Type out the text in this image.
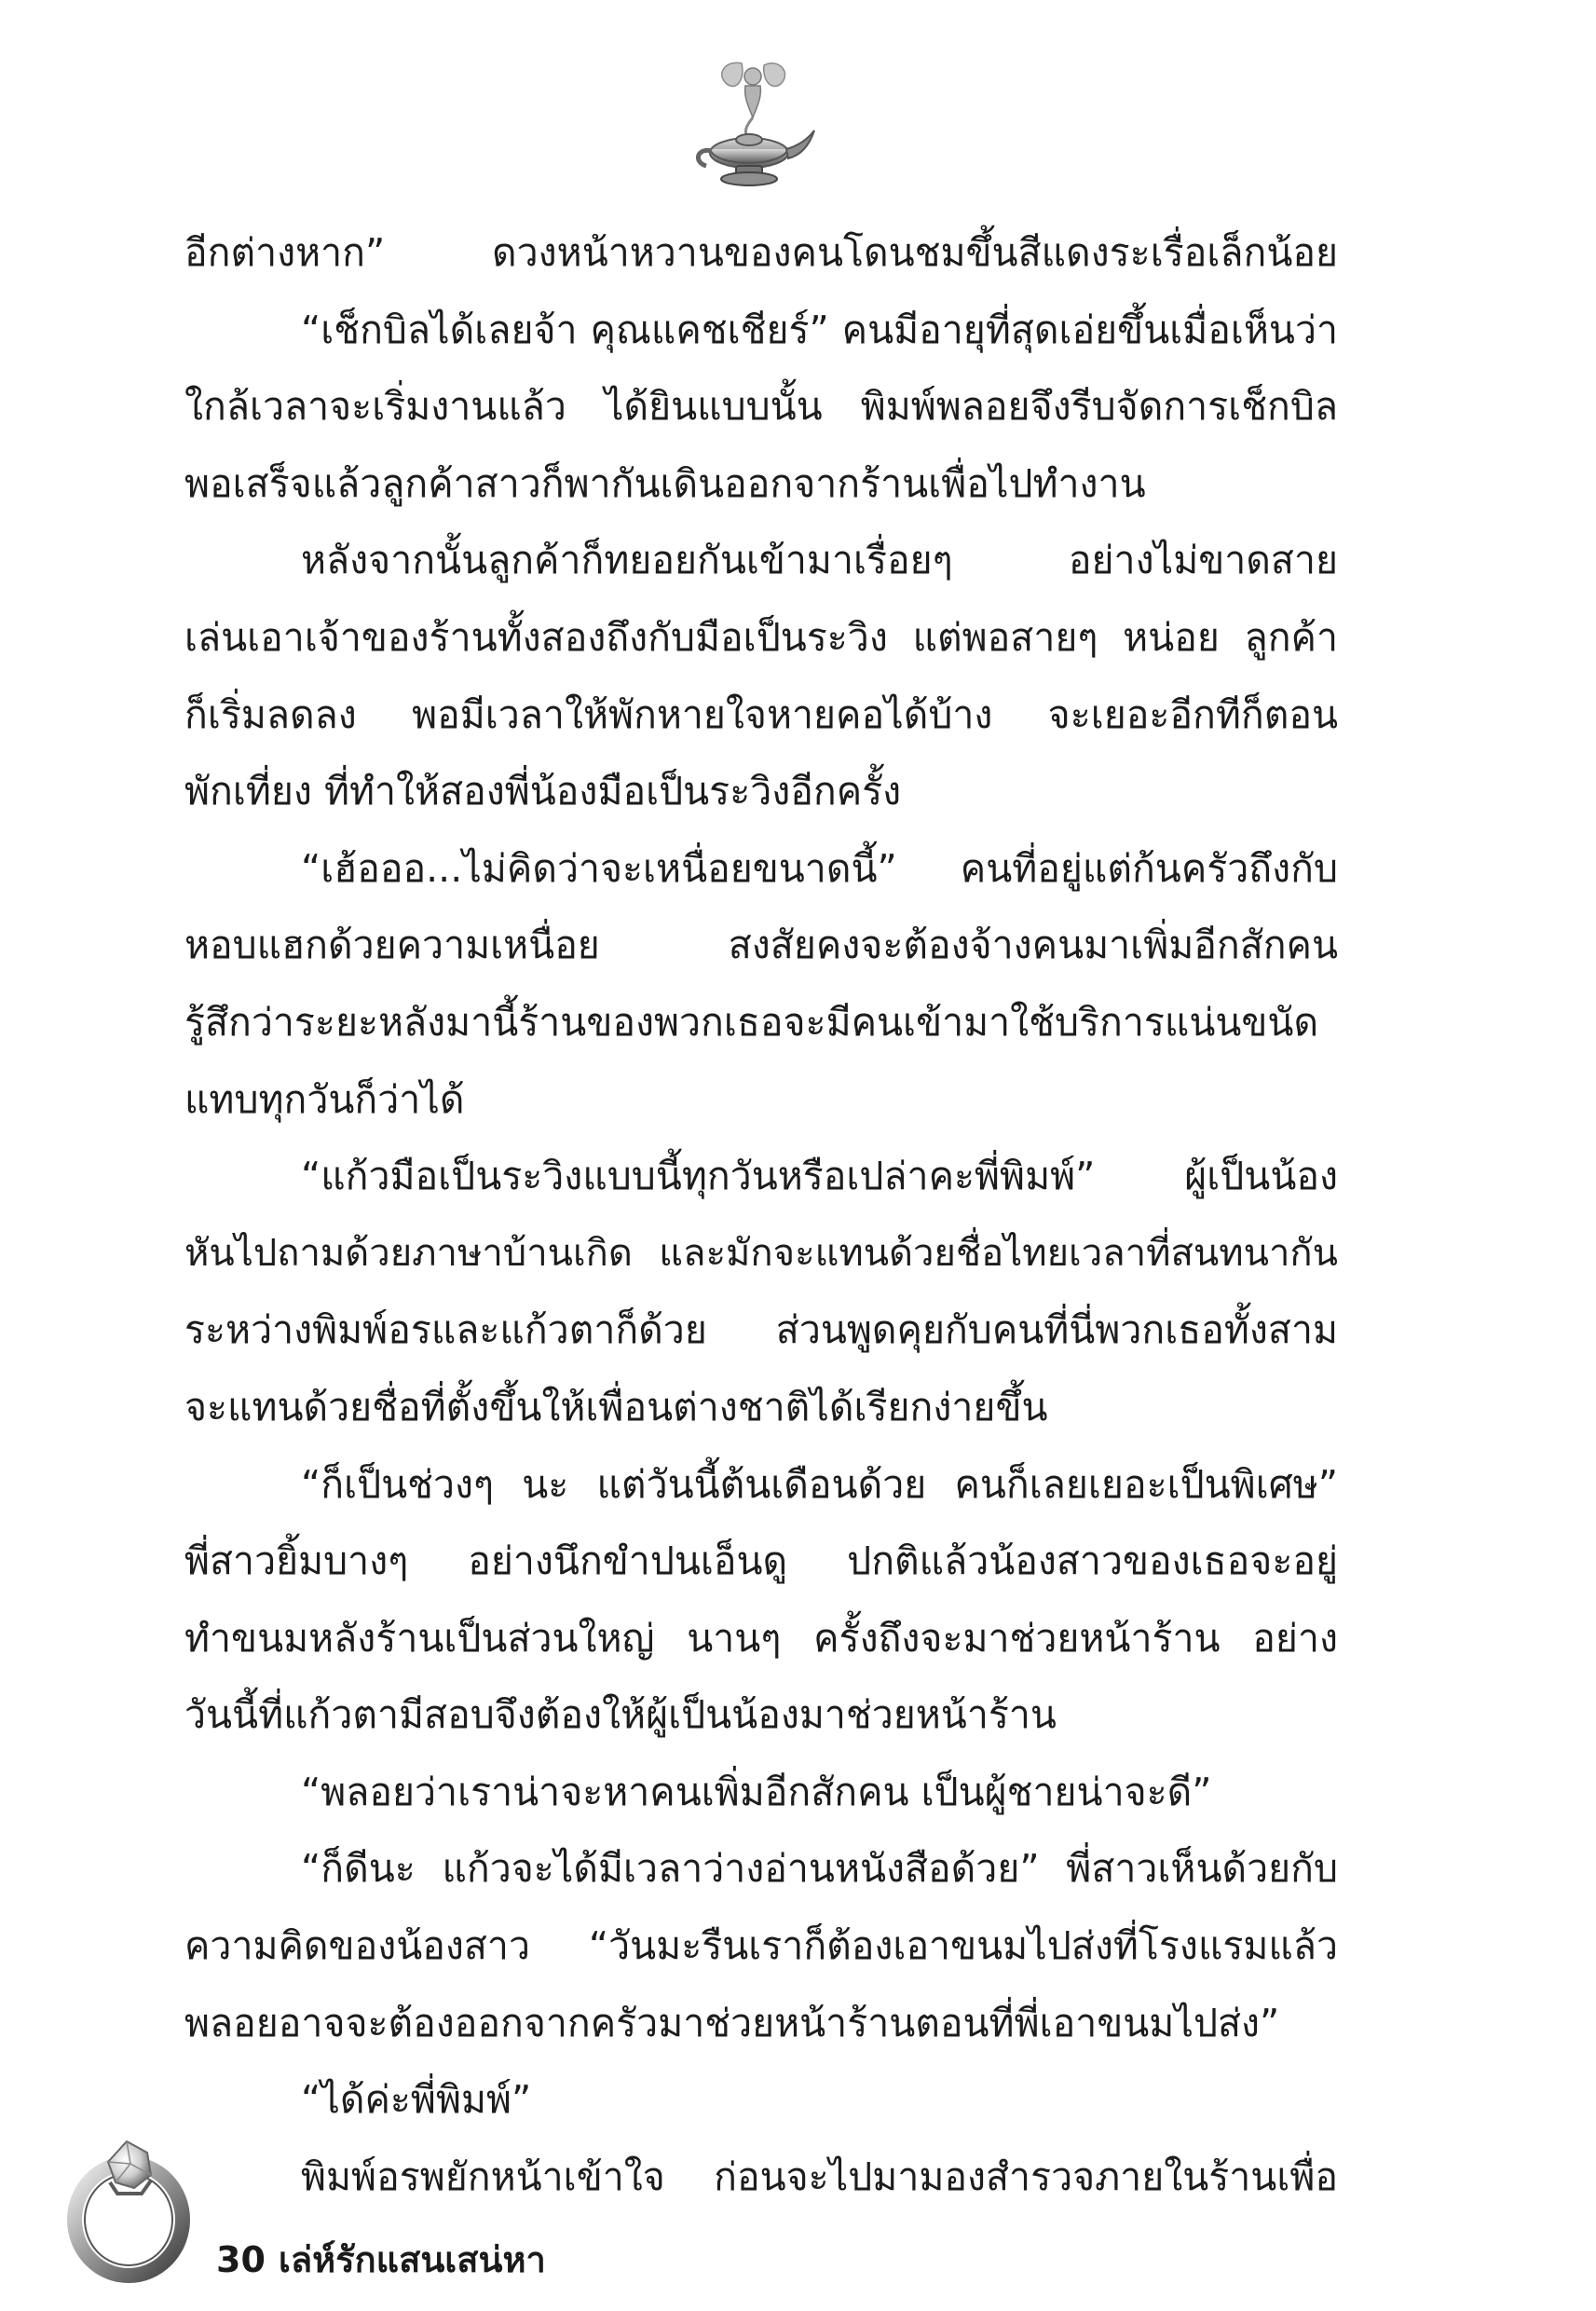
อีกต่างหาก” ดวงหน้าหวานของคนโดนชมขึ้นสีแดงระเรื่อเล็กน้อย
“เช็กบิลได้เลยจ้า คุณแคชเชียร์” คนมีอายุที่สุดเอ่ยขึ้นเมื่อเห็นว่า
ใกล้เวลาจะเริ่มงานแล้ว ได้ยินแบบนั้น พิมพ์พลอยจึงรีบจัดการเช็กบิล
พอเสร็จแล้วลูกค้าสาวก็พากันเดินออกจากร้านเพื่อไปทำงาน
หลังจากนั้นลูกค้าก็ทยอยกันเข้ามาเรื่อยๆ อย่างไม่ขาดสาย
เล่นเอาเจ้าของร้านทั้งสองถึงกับมือเป็นระวิง แต่พอสายๆ หน่อย ลูกค้า
ก็เริ่มลดลง พอมีเวลาให้พักหายใจหายคอได้บ้าง จะเยอะอีกทีก็ตอน
พักเที่ยง ที่ทำให้สองพี่น้องมือเป็นระวิงอีกครั้ง
“เฮ้อออ...ไม่คิดว่าจะเหนื่อยขนาดนี้” คนที่อยู่แต่ก้นครัวถึงกับ
หอบแฮกด้วยความเหนื่อย สงสัยคงจะต้องจ้างคนมาเพิ่มอีกสักคน
รู้สึกว่าระยะหลังมานี้ร้านของพวกเธอจะมีคนเข้ามาใช้บริการแน่นขนัด
แทบทุกวันก็ว่าได้
“แก้วมือเป็นระวิงแบบนี้ทุกวันหรือเปล่าคะพี่พิมพ์” ผู้เป็นน้อง
หันไปถามด้วยภาษาบ้านเกิด และมักจะแทนด้วยชื่อไทยเวลาที่สนทนากัน
ระหว่างพิมพ์อรและแก้วตาก็ด้วย ส่วนพูดคุยกับคนที่นี่พวกเธอทั้งสาม
จะแทนด้วยชื่อที่ตั้งขึ้นให้เพื่อนต่างชาติได้เรียกง่ายขึ้น
“ก็เป็นช่วงๆ นะ แต่วันนี้ต้นเดือนด้วย คนก็เลยเยอะเป็นพิเศษ”
พี่สาวยิ้มบางๆ อย่างนึกขำปนเอ็นดู ปกติแล้วน้องสาวของเธอจะอยู่
ทำขนมหลังร้านเป็นส่วนใหญ่ นานๆ ครั้งถึงจะมาช่วยหน้าร้าน อย่าง
วันนี้ที่แก้วตามีสอบจึงต้องให้ผู้เป็นน้องมาช่วยหน้าร้าน
“พลอยว่าเราน่าจะหาคนเพิ่มอีกสักคน เป็นผู้ชายน่าจะดี”
“ก็ดีนะ แก้วจะได้มีเวลาว่างอ่านหนังสือด้วย” พี่สาวเห็นด้วยกับ
ความคิดของน้องสาว “วันมะรืนเราก็ต้องเอาขนมไปส่งที่โรงแรมแล้ว
พลอยอาจจะต้องออกจากครัวมาช่วยหน้าร้านตอนที่พี่เอาขนมไปส่ง”
“ได้ค่ะพี่พิมพ์”
พิมพ์อรพยักหน้าเข้าใจ ก่อนจะไปมามองสำรวจภายในร้านเพื่อ
30 เล่ห์รักแสนเสน่หา
